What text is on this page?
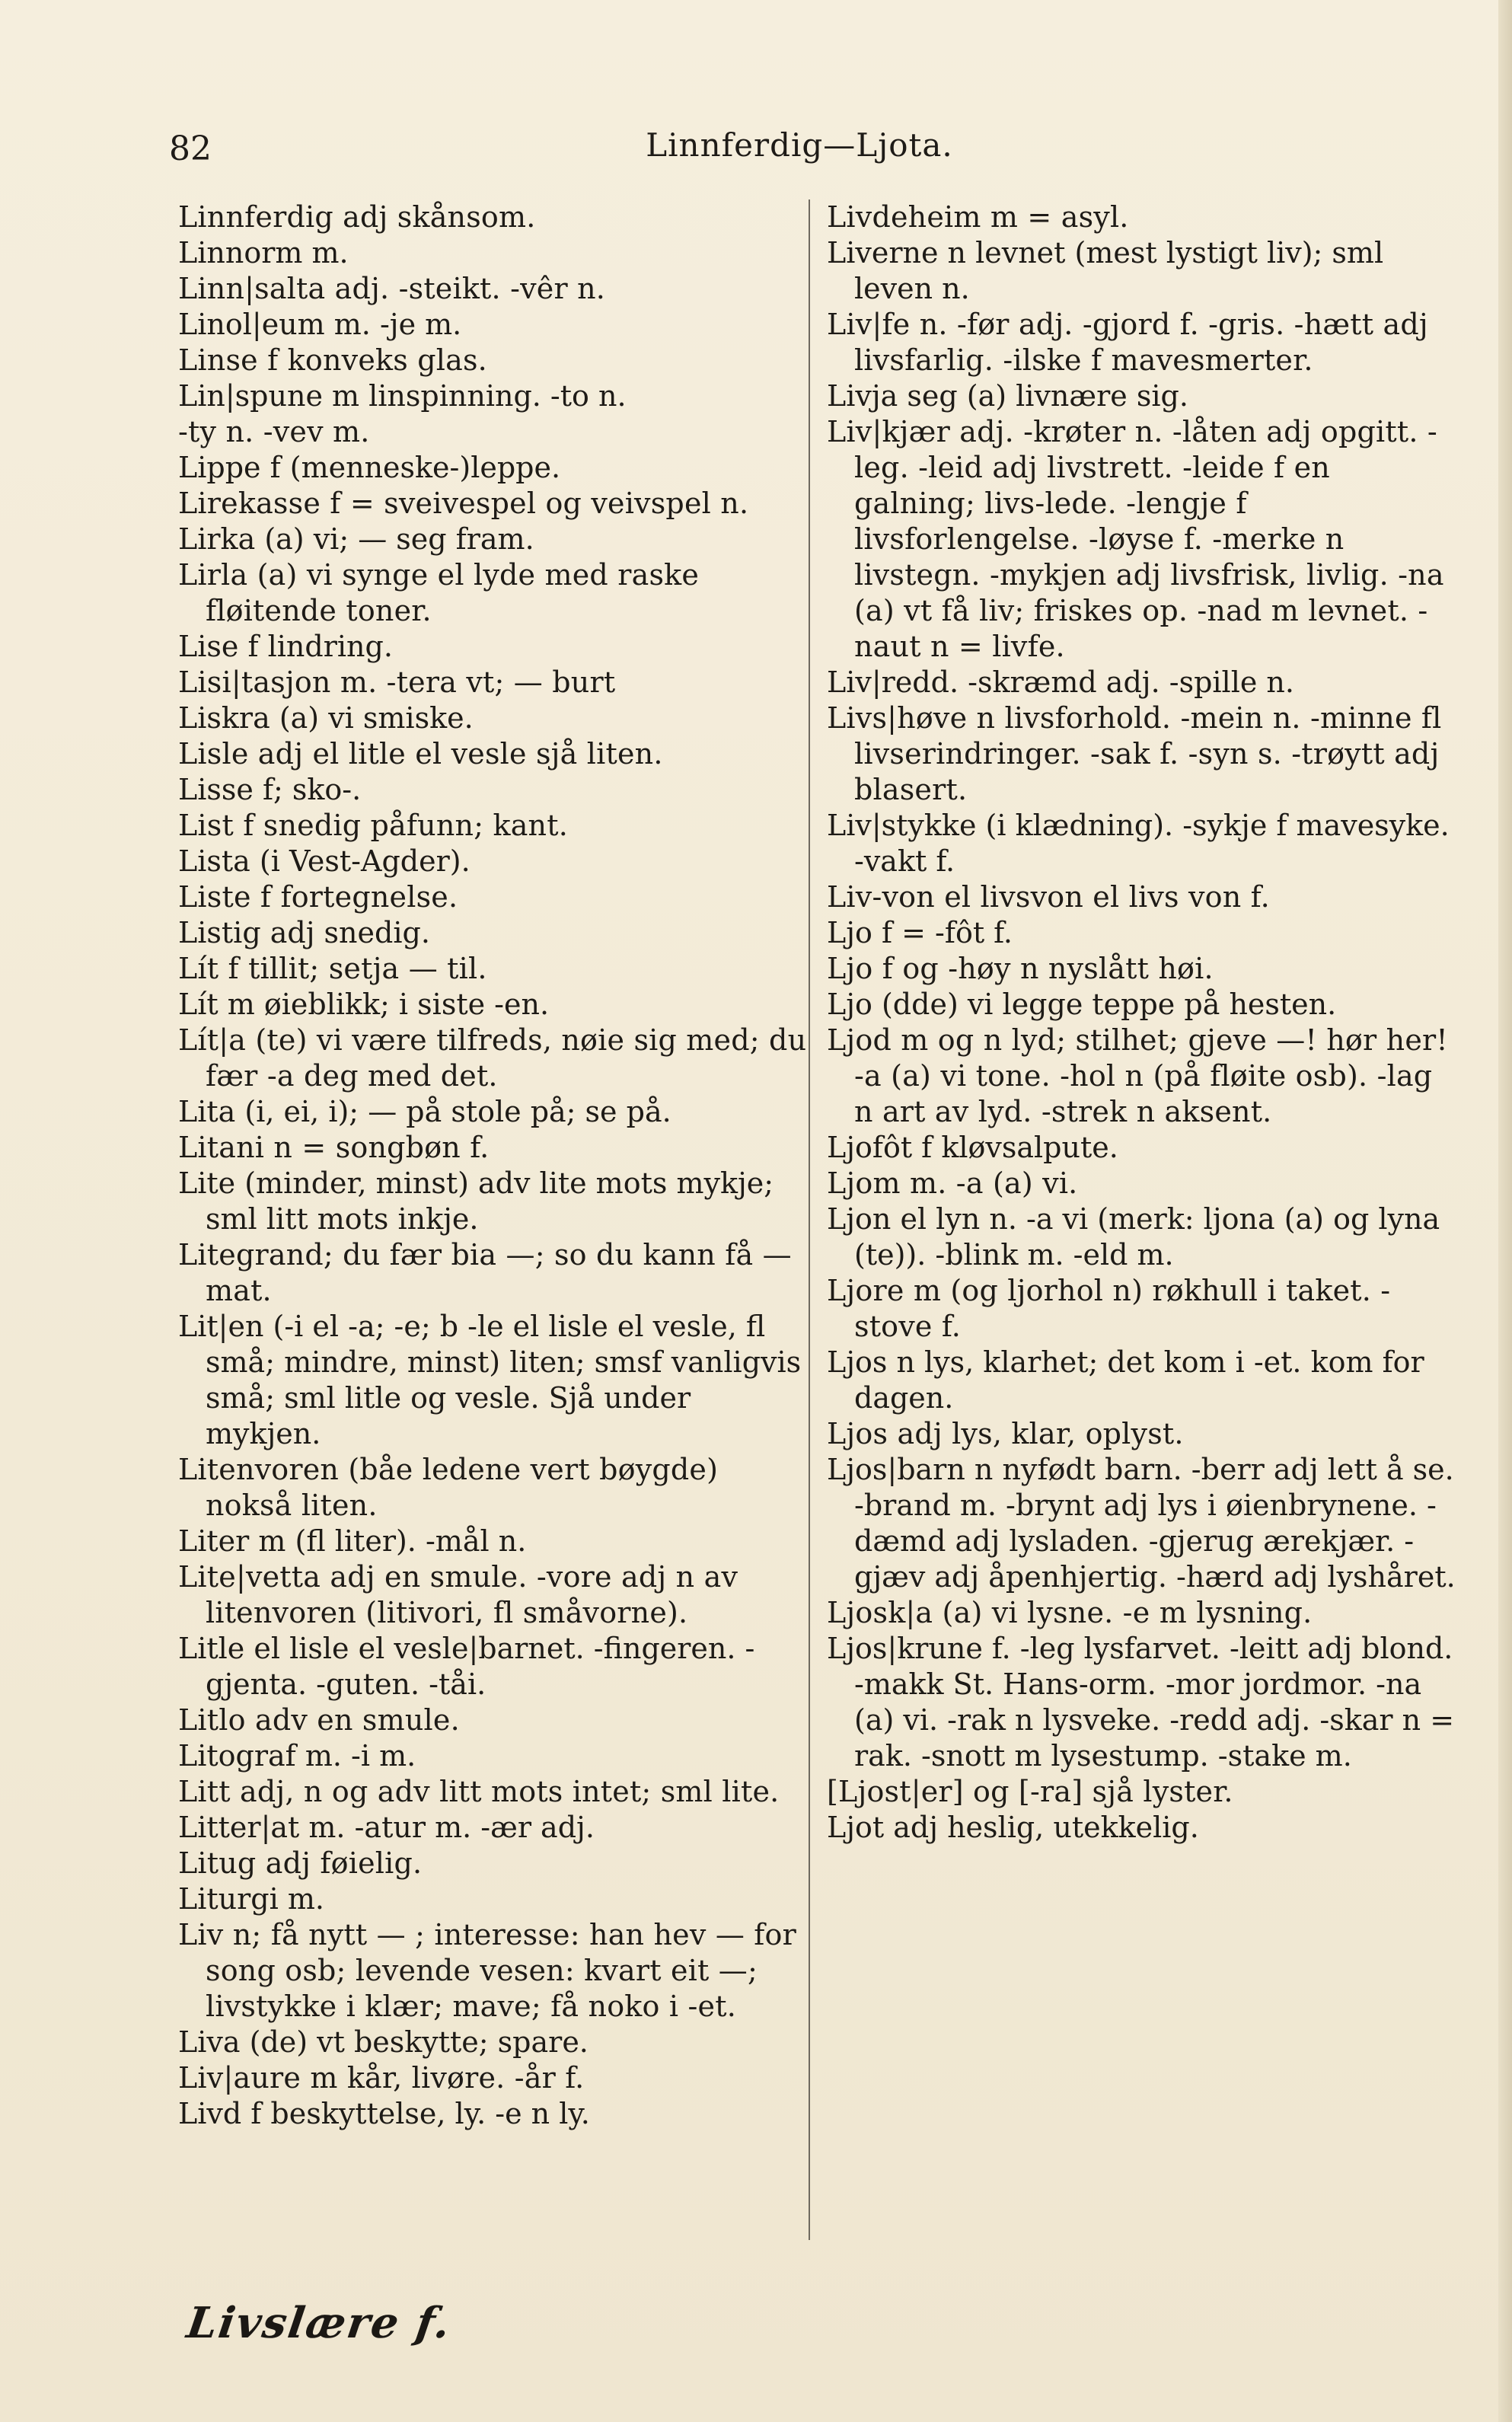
82	Linnferdig—Ljota.

Linnferdig adj skånsom.

Linnorm m.

Linn|salta adj. -steikt. -vêr n.

Linol|eum m. -je m.

Linse f konveks glas.

Lin|spune m linspinning. -to n.

-ty n. -vev m.

Lippe f (menneske-)leppe.

Lirekasse f = sveivespel og veivspel n.

Lirka (a) vi; — seg fram.

Lirla (a) vi synge el lyde med raske fløitende toner.

Lise f lindring.

Lisi|tasjon m. -tera vt; — burt

Liskra (a) vi smiske.

Lisle adj el litle el vesle sjå liten.

Lisse f; sko-.

List f snedig påfunn; kant.

Lista (i Vest-Agder).

Liste f fortegnelse.

Listig adj snedig.

Lít f tillit; setja — til.

Lít m øieblikk; i siste -en.

Lít|a (te) vi være tilfreds, nøie sig med; du fær -a deg med det.

Lita (i, ei, i); — på stole på; se på.

Litani n = songbøn f.

Lite (minder, minst) adv lite mots mykje; sml litt mots inkje.

Litegrand; du fær bia —; so du kann få — mat.

Lit|en (-i el -a; -e; b -le el lisle el vesle, fl små; mindre, minst) liten; smsf vanligvis små; sml litle og vesle. Sjå under mykjen.

Litenvoren (båe ledene vert bøygde) nokså liten.

Liter m (fl liter). -mål n.

Lite|vetta adj en smule. -vore adj n av litenvoren (litivori, fl småvorne).

Litle el lisle el vesle|barnet. -fingeren. -gjenta. -guten. -tåi.

Litlo adv en smule.

Litograf m. -i m.

Litt adj, n og adv litt mots intet; sml lite.

Litter|at m. -atur m. -ær adj.

Litug adj føielig.

Liturgi m.

Liv n; få nytt — ; interesse: han hev — for song osb; levende vesen: kvart eit —; livstykke i klær; mave; få noko i -et.

Liva (de) vt beskytte; spare.

Liv|aure m kår, livøre. -år f.

Livd f beskyttelse, ly. -e n ly.

Livdeheim m = asyl.

Liverne n levnet (mest lystigt liv); sml leven n.

Liv|fe n. -før adj. -gjord f. -gris. -hætt adj livsfarlig. -ilske f mavesmerter.

Livja seg (a) livnære sig.

Liv|kjær adj. -krøter n. -låten adj opgitt. -leg. -leid adj livstrett. -leide f en galning; livs-lede. -lengje f livsforlengelse. -løyse f. -merke n livstegn. -mykjen adj livsfrisk, livlig. -na (a) vt få liv; friskes op. -nad m levnet. -naut n = livfe.

Liv|redd. -skræmd adj. -spille n.

Livs|høve n livsforhold. -mein n. -minne fl livserindringer. -sak f. -syn s. -trøytt adj blasert.

Liv|stykke (i klædning). -sykje f mavesyke. -vakt f.

Liv-von el livsvon el livs von f.

Ljo f = -fôt f.

Ljo f og -høy n nyslått høi.

Ljo (dde) vi legge teppe på hesten.

Ljod m og n lyd; stilhet; gjeve —! hør her! -a (a) vi tone. -hol n (på fløite osb). -lag n art av lyd. -strek n aksent.

Ljofôt f kløvsalpute.

Ljom m. -a (a) vi.

Ljon el lyn n. -a vi (merk: ljona (a) og lyna (te)). -blink m. -eld m.

Ljore m (og ljorhol n) røkhull i taket. -stove f.

Ljos n lys, klarhet; det kom i -et. kom for dagen.

Ljos adj lys, klar, oplyst.

Ljos|barn n nyfødt barn. -berr adj lett å se. -brand m. -brynt adj lys i øienbrynene. -dæmd adj lysladen. -gjerug ærekjær. -gjæv adj åpenhjertig. -hærd adj lyshåret.

Ljosk|a (a) vi lysne. -e m lysning.

Ljos|krune f. -leg lysfarvet. -leitt adj blond. -makk St. Hans-orm. -mor jordmor. -na (a) vi. -rak n lysveke. -redd adj. -skar n = rak. -snott m lysestump. -stake m.

[Ljost|er] og [-ra] sjå lyster.

Ljot adj heslig, utekkelig.

Livslære f.
